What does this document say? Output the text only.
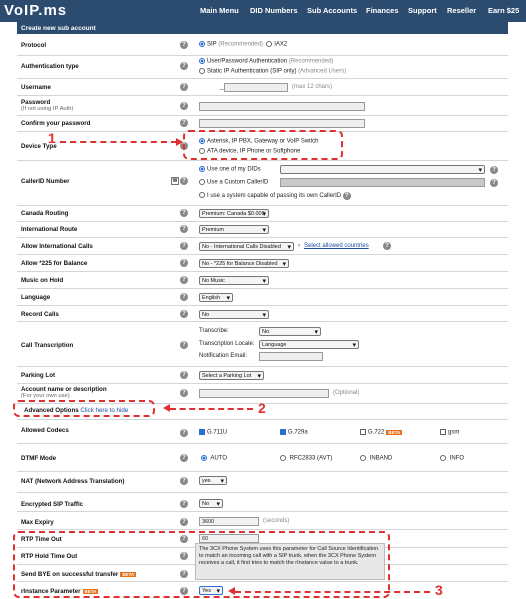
VoIP.ms	Main Menu DID Numbers Sub Accounts Finances Support Reseller Earn $25
Create new sub account
Protocol	?	SIP (Recommended) IAX2
Authentication type	?
User/Password Authentication (Recommended)
Static IP Authentication (SIP only) (Advanced Users)
Username	?	_	(max 12 chars)
Password
(If not using IP Auth)	?
Confirm your password	?
Device Type	?
Asterisk, IP PBX, Gateway or VoIP Switch
ATA device, IP Phone or Softphone
CallerID Number	W ?
Use one of my DIDs
▾	?
Use a Custom CallerID	?
I use a system capable of passing its own CallerID ?
Canada Routing	?	Premium: Canada $0.009 ▾
International Route	?	Premium ▾
Allow International Calls	?	No - International Calls Disabled ▾	› Select allowed countries	?
Allow *225 for Balance	?	No - *225 for Balance Disabled ▾
Music on Hold	?	No Music ▾
Language	?	English ▾
Record Calls	?	No ▾
Call Transcription	?
Transcribe:	No ▾
Transcription Locale:	Language ▾
Notification Email:
Parking Lot	?	Select a Parking Lot ▾
Account name or description
(For your own use)	?	(Optional)
Advanced Options Click here to hide
Allowed Codecs	?	G.711U	G.729a	G.722 BETA	gsm
DTMF Mode	?	AUTO	RFC2833 (AVT)	INBAND	INFO
NAT (Network Address Translation)	?	yes ▾
Encrypted SIP Traffic	?	No ▾
Max Expiry	?	3600	(seconds)
RTP Time Out	?	60
RTP Hold Time Out	?
Send BYE on successful transfer BETA	?
rInstance Parameter BETA	?	Yes ▾
The 3CX Phone System uses this parameter for Call Source Identification to match an incoming call with a SIP trunk, when the 3CX Phone System receives a call, it first tries to match the rInstance value to a trunk.
1
2
3
